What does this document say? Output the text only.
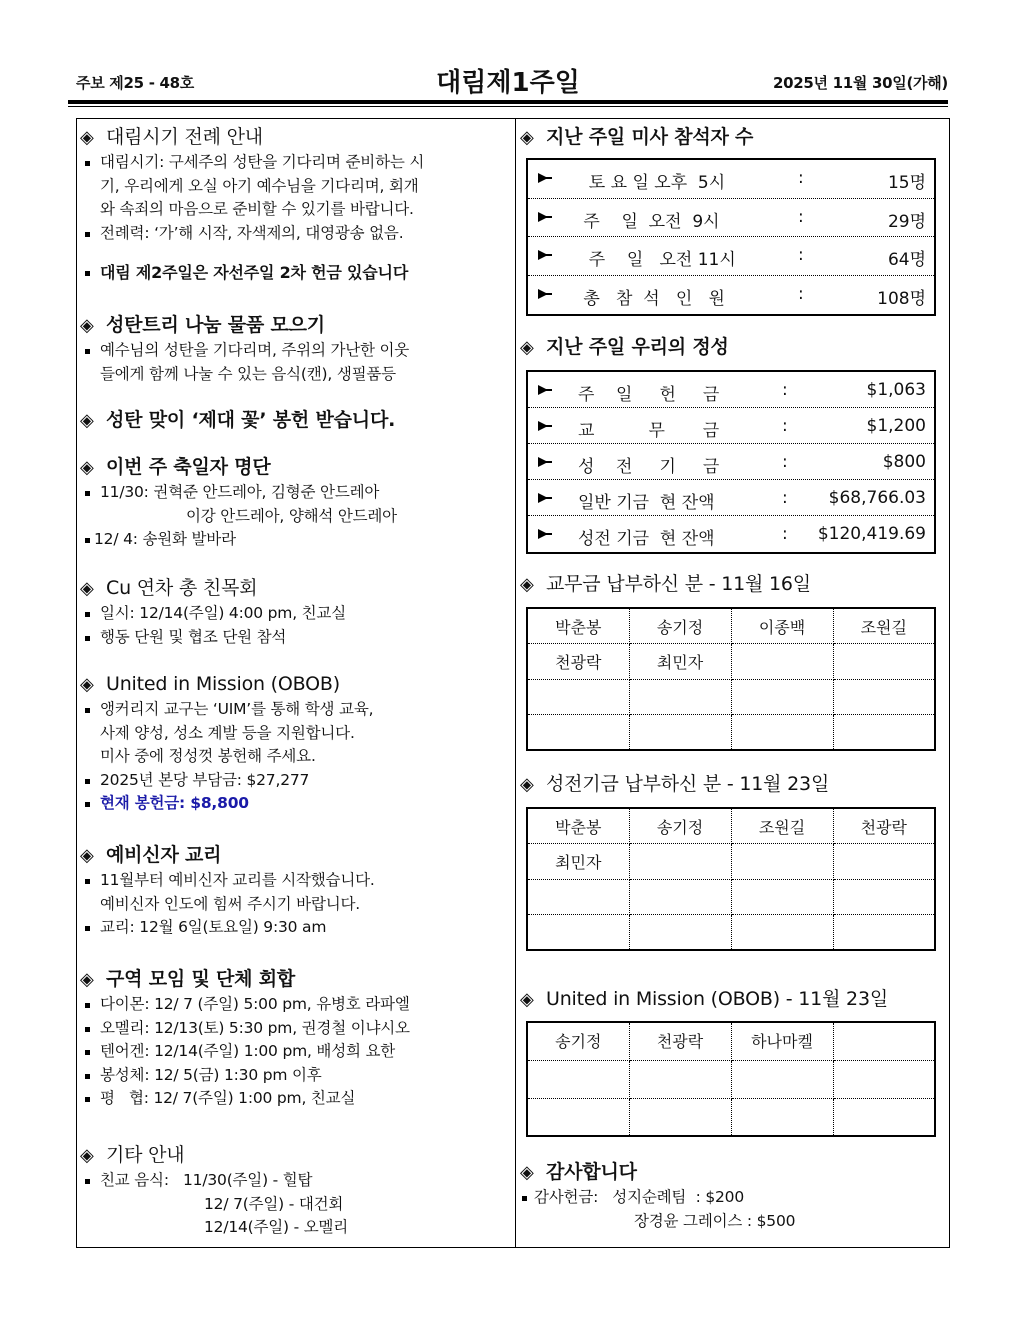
주보 제25 - 48호	대림제1주일	2025년 11월 30일(가해)
◈ 대림시기 전례 안내
대림시기: 구세주의 성탄을 기다리며 준비하는 시
기, 우리에게 오실 아기 예수님을 기다리며, 회개
와 속죄의 마음으로 준비할 수 있기를 바랍니다.
전례력: ‘가’해 시작, 자색제의, 대영광송 없음.
대림 제2주일은 자선주일 2차 헌금 있습니다
◈ 성탄트리 나눔 물품 모으기
예수님의 성탄을 기다리며, 주위의 가난한 이웃
들에게 함께 나눌 수 있는 음식(캔), 생필품등
◈ 성탄 맞이 ‘제대 꽃’ 봉헌 받습니다.
◈ 이번 주 축일자 명단
11/30: 권혁준 안드레아, 김형준 안드레아
이강 안드레아, 양해석 안드레아
12/ 4: 송원화 발바라
◈ Cu 연차 총 친목회
일시: 12/14(주일) 4:00 pm, 친교실
행동 단원 및 협조 단원 참석
◈ United in Mission (OBOB)
앵커리지 교구는 ‘UIM’를 통해 학생 교육,
사제 양성, 성소 계발 등을 지원합니다.
미사 중에 정성껏 봉헌해 주세요.
2025년 본당 부담금: $27,277
현재 봉헌금: $8,800
◈ 예비신자 교리
11월부터 예비신자 교리를 시작했습니다.
예비신자 인도에 힘써 주시기 바랍니다.
교리: 12월 6일(토요일) 9:30 am
◈ 구역 모임 및 단체 회합
다이몬: 12/ 7 (주일) 5:00 pm, 유병호 라파엘
오멜리: 12/13(토) 5:30 pm, 권경철 이냐시오
텐어겐: 12/14(주일) 1:00 pm, 배성희 요한
봉성체: 12/ 5(금) 1:30 pm 이후
평   협: 12/ 7(주일) 1:00 pm, 친교실
◈ 기타 안내
친교 음식:   11/30(주일) - 힐탑
12/ 7(주일) - 대건회
12/14(주일) - 오멜리
◈ 지난 주일 미사 참석자 수
토 요 일 오후  5시	:	15명
주    일  오전  9시	:	29명
주    일   오전 11시	:	64명
총   참  석   인   원	:	108명
◈ 지난 주일 우리의 정성
주    일     헌     금	:	$1,063
교          무       금	:	$1,200
성    전     기     금	:	$800
일반 기금  현 잔액	: $68,766.03
성전 기금  현 잔액	: $120,419.69
◈ 교무금 납부하신 분 - 11월 16일
박춘봉	송기정	이종백	조원길
천광락	최민자		

◈ 성전기금 납부하신 분 - 11월 23일
박춘봉	송기정	조원길	천광락
최민자			

◈ United in Mission (OBOB) - 11월 23일
송기정	천광락	하나마켈	

◈ 감사합니다
감사헌금:   성지순례팀  : $200
장경윤 그레이스 : $500
